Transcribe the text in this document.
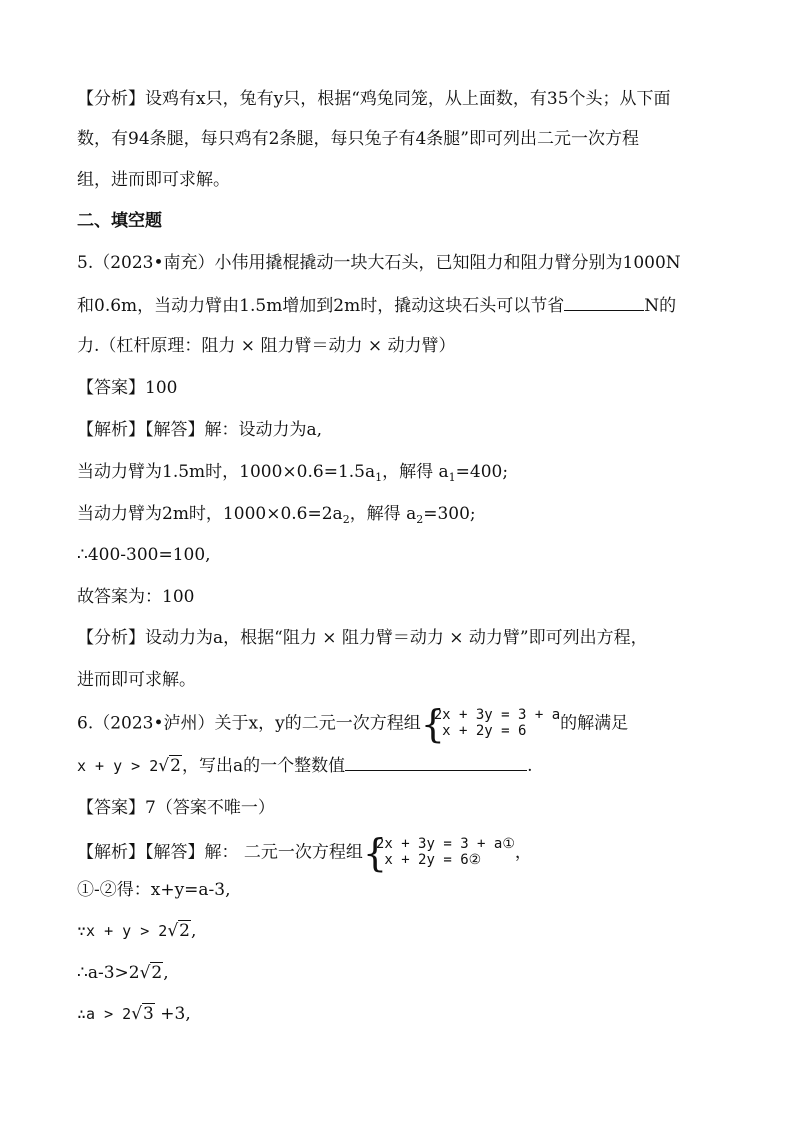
【分析】设鸡有x只，兔有y只，根据“鸡兔同笼，从上面数，有35个头；从下面
数，有94条腿，每只鸡有2条腿，每只兔子有4条腿”即可列出二元一次方程
组，进而即可求解。
二、填空题
5.（2023•南充）小伟用撬棍撬动一块大石头，已知阻力和阻力臂分别为1000N
和0.6m，当动力臂由1.5m增加到2m时，撬动这块石头可以节省	N的
力.（杠杆原理：阻力 × 阻力臂＝动力 × 动力臂）
【答案】100
【解析】【解答】解：设动力为a,
当动力臂为1.5m时，$1000\times 0.6=1.5a_1$，解得 $a_1=400$;
当动力臂为2m时，$1000\times 0.6=2a_2$，解得 $a_2=300$;
∴400-300=100,
故答案为：100
【分析】设动力为a，根据“阻力 × 阻力臂＝动力 × 动力臂”即可列出方程，
进而即可求解。
6.（2023•泸州）关于x，y的二元一次方程组 {
2x + 3y = 3 + a
x + 2y = 6	的解满足
x + y > 2√2，写出a的一个整数值	.
【答案】7（答案不唯一）
【解析】【解答】解： 二元一次方程组 {
2x + 3y = 3 + a①
x + 2y = 6②	，
①-②得：x+y=a-3,
∵x + y > 2√2,
∴a-3>2√2,
∴a > 2√3 +3,
